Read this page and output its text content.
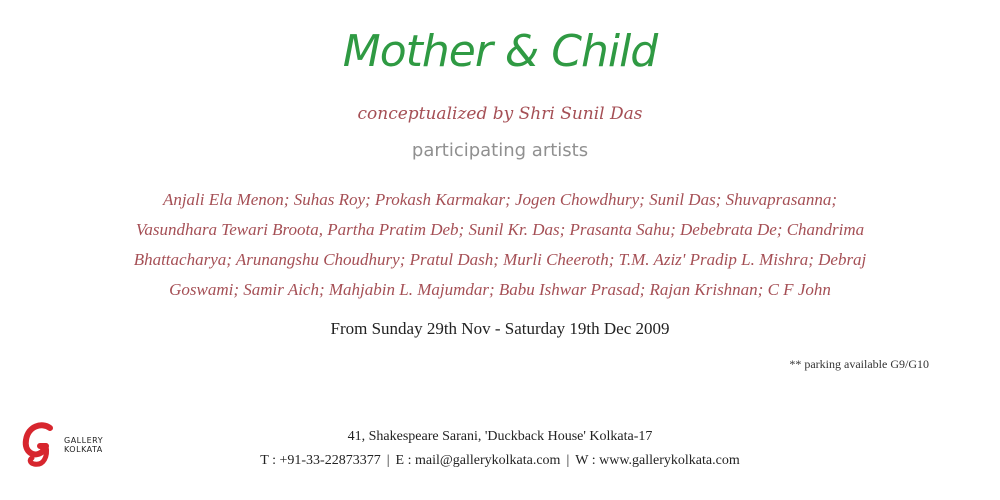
Mother & Child
conceptualized by Shri Sunil Das
participating artists
Anjali Ela Menon; Suhas Roy; Prokash Karmakar; Jogen Chowdhury; Sunil Das; Shuvaprasanna;
Vasundhara Tewari Broota, Partha Pratim Deb; Sunil Kr. Das; Prasanta Sahu; Debebrata De; Chandrima
Bhattacharya; Arunangshu Choudhury; Pratul Dash; Murli Cheeroth; T.M. Aziz' Pradip L. Mishra; Debraj
Goswami; Samir Aich; Mahjabin L. Majumdar; Babu Ishwar Prasad; Rajan Krishnan; C F John
From Sunday 29th Nov - Saturday 19th Dec 2009
** parking available G9/G10
GALLERY
KOLKATA
41, Shakespeare Sarani, 'Duckback House' Kolkata-17
T : +91-33-22873377 | E : mail@gallerykolkata.com | W : www.gallerykolkata.com
